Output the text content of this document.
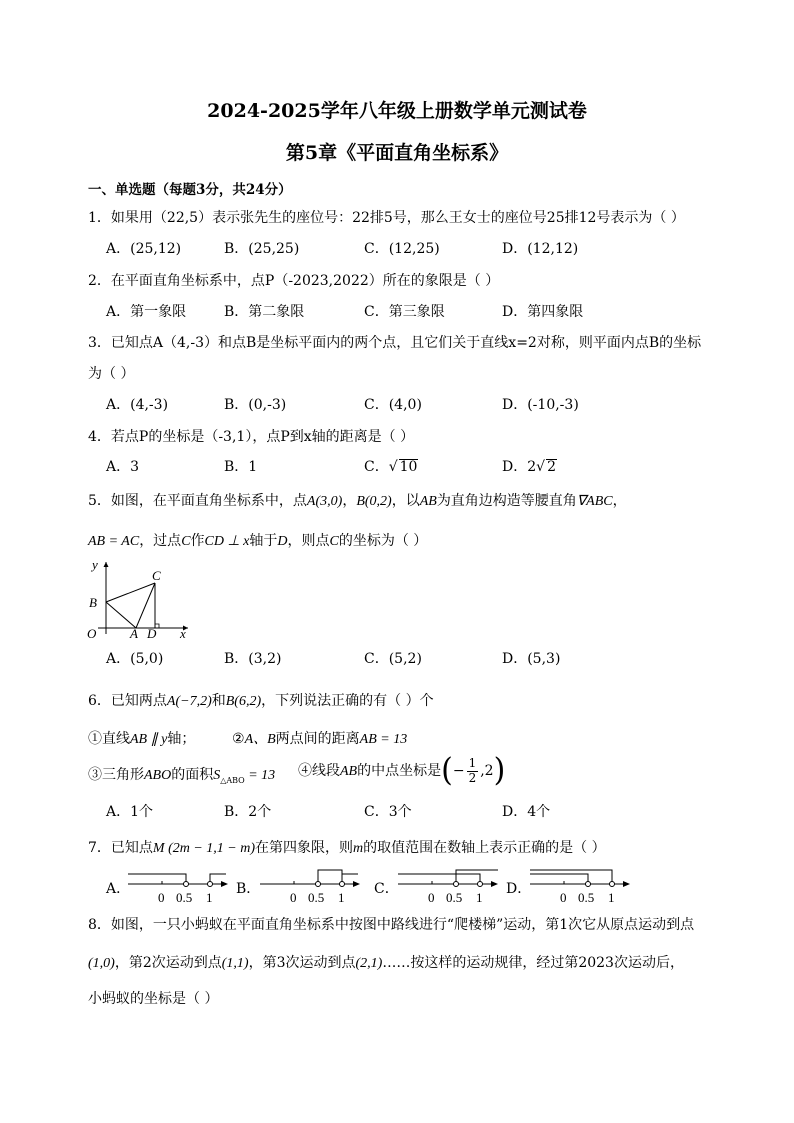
2024-2025学年八年级上册数学单元测试卷
第5章《平面直角坐标系》
一、单选题（每题3分，共24分）
1．如果用（22,5）表示张先生的座位号：22排5号，那么王女士的座位号25排12号表示为（ ）
A．(25,12)	B．(25,25)	C．(12,25)	D．(12,12)
2．在平面直角坐标系中，点P（-2023,2022）所在的象限是（ ）
A．第一象限	B．第二象限	C．第三象限	D．第四象限
3．已知点A（4,-3）和点B是坐标平面内的两个点，且它们关于直线x=2对称，则平面内点B的坐标
为（ ）
A．(4,-3)	B．(0,-3)	C．(4,0)	D．(-10,-3)
4．若点P的坐标是（-3,1），点P到x轴的距离是（ ）
A．3	B．1	C．√ 10	D．2√ 2
5．如图，在平面直角坐标系中，点A(3,0)，B(0,2)，以AB为直角边构造等腰直角∇ABC，
AB = AC，过点C作CD ⊥ x轴于D，则点C的坐标为（ ）
O
B
A D
C
y
x
A．(5,0)	B．(3,2)	C．(5,2)	D．(5,3)
6．已知两点A(−7,2)和B(6,2)，下列说法正确的有（ ）个
①直线AB ∥ y轴；	②A、B两点间的距离AB = 13
③三角形ABO的面积$S_{\triangle ABO} = 13$ ④线段AB的中点坐标是(− $\frac{1}{2} ,2$)
A．1个	B．2个	C．3个	D．4个
7．已知点M (2m − 1,1 − m)在第四象限，则m的取值范围在数轴上表示正确的是（ ）
A．
0 0.5 1
B．
0 0.5 1
C．
0 0.5 1
D．
0 0.5 1
8．如图，一只小蚂蚁在平面直角坐标系中按图中路线进行“爬楼梯”运动，第1次它从原点运动到点
(1,0)，第2次运动到点(1,1)，第3次运动到点(2,1)……按这样的运动规律，经过第2023次运动后，
小蚂蚁的坐标是（ ）
